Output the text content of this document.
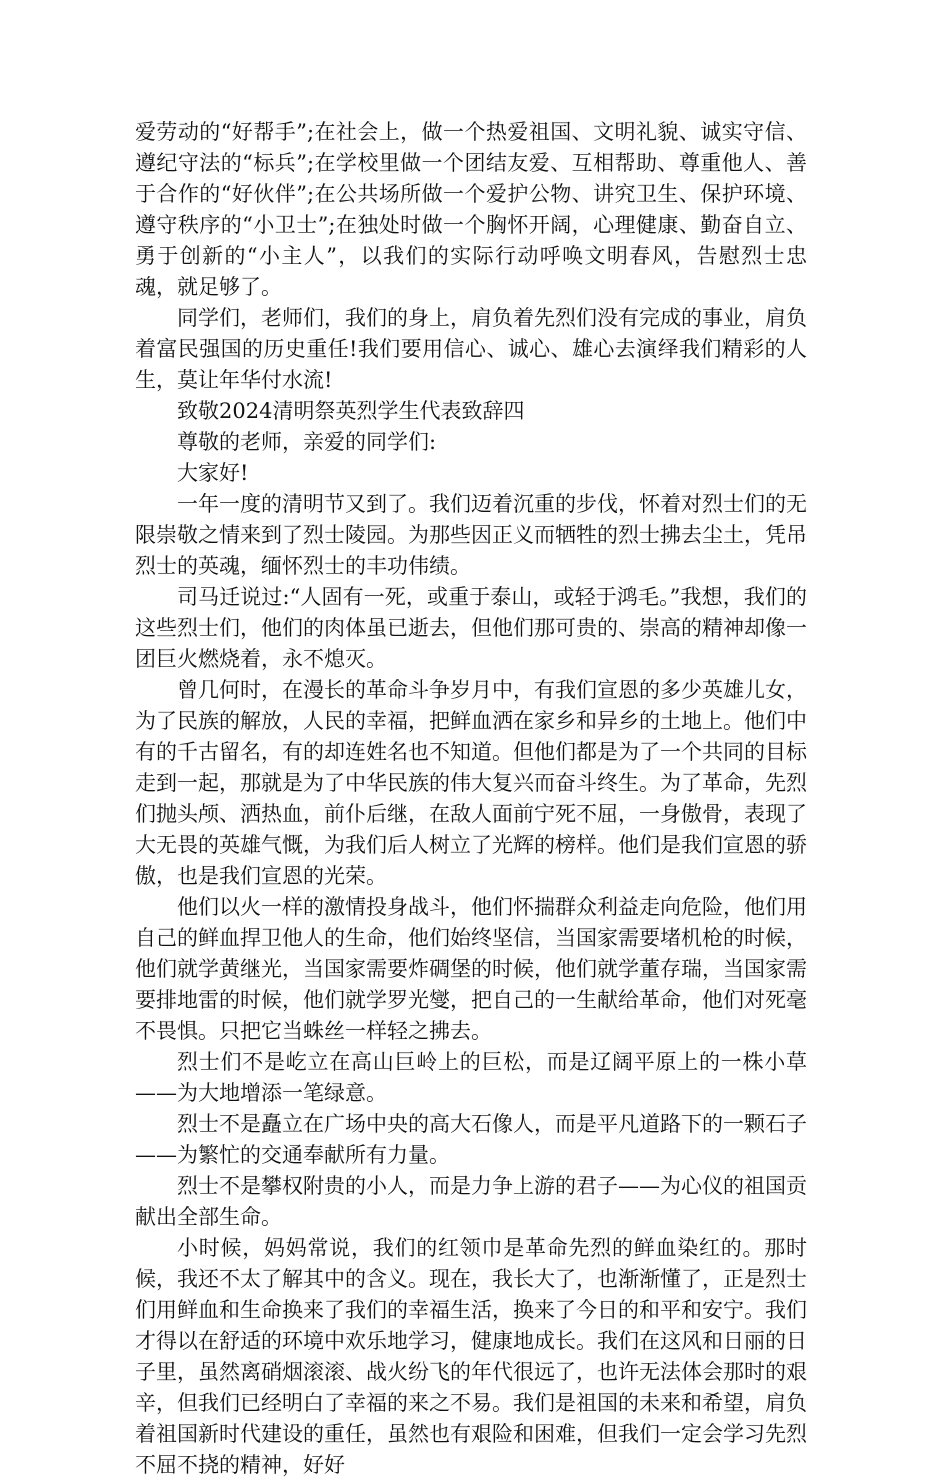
爱劳动的“好帮手”;在社会上，做一个热爱祖国、文明礼貌、诚实守信、遵纪守法的“标兵”;在学校里做一个团结友爱、互相帮助、尊重他人、善于合作的“好伙伴”;在公共场所做一个爱护公物、讲究卫生、保护环境、遵守秩序的“小卫士”;在独处时做一个胸怀开阔，心理健康、勤奋自立、勇于创新的“小主人”，以我们的实际行动呼唤文明春风，告慰烈士忠魂，就足够了。

同学们，老师们，我们的身上，肩负着先烈们没有完成的事业，肩负着富民强国的历史重任!我们要用信心、诚心、雄心去演绎我们精彩的人生，莫让年华付水流!

致敬2024清明祭英烈学生代表致辞四

尊敬的老师，亲爱的同学们:

大家好!

一年一度的清明节又到了。我们迈着沉重的步伐，怀着对烈士们的无限崇敬之情来到了烈士陵园。为那些因正义而牺牲的烈士拂去尘土，凭吊烈士的英魂，缅怀烈士的丰功伟绩。

司马迁说过:“人固有一死，或重于泰山，或轻于鸿毛。”我想，我们的这些烈士们，他们的肉体虽已逝去，但他们那可贵的、崇高的精神却像一团巨火燃烧着，永不熄灭。

曾几何时，在漫长的革命斗争岁月中，有我们宣恩的多少英雄儿女，为了民族的解放，人民的幸福，把鲜血洒在家乡和异乡的土地上。他们中有的千古留名，有的却连姓名也不知道。但他们都是为了一个共同的目标走到一起，那就是为了中华民族的伟大复兴而奋斗终生。为了革命，先烈们抛头颅、洒热血，前仆后继，在敌人面前宁死不屈，一身傲骨，表现了大无畏的英雄气慨，为我们后人树立了光辉的榜样。他们是我们宣恩的骄傲，也是我们宣恩的光荣。

他们以火一样的激情投身战斗，他们怀揣群众利益走向危险，他们用自己的鲜血捍卫他人的生命，他们始终坚信，当国家需要堵机枪的时候，他们就学黄继光，当国家需要炸碉堡的时候，他们就学董存瑞，当国家需要排地雷的时候，他们就学罗光燮，把自己的一生献给革命，他们对死毫不畏惧。只把它当蛛丝一样轻之拂去。

烈士们不是屹立在高山巨岭上的巨松，而是辽阔平原上的一株小草——为大地增添一笔绿意。

烈士不是矗立在广场中央的高大石像人，而是平凡道路下的一颗石子——为繁忙的交通奉献所有力量。

烈士不是攀权附贵的小人，而是力争上游的君子——为心仪的祖国贡献出全部生命。

小时候，妈妈常说，我们的红领巾是革命先烈的鲜血染红的。那时候，我还不太了解其中的含义。现在，我长大了，也渐渐懂了，正是烈士们用鲜血和生命换来了我们的幸福生活，换来了今日的和平和安宁。我们才得以在舒适的环境中欢乐地学习，健康地成长。我们在这风和日丽的日子里，虽然离硝烟滚滚、战火纷飞的年代很远了，也许无法体会那时的艰辛，但我们已经明白了幸福的来之不易。我们是祖国的未来和希望，肩负着祖国新时代建设的重任，虽然也有艰险和困难，但我们一定会学习先烈不屈不挠的精神，好好
